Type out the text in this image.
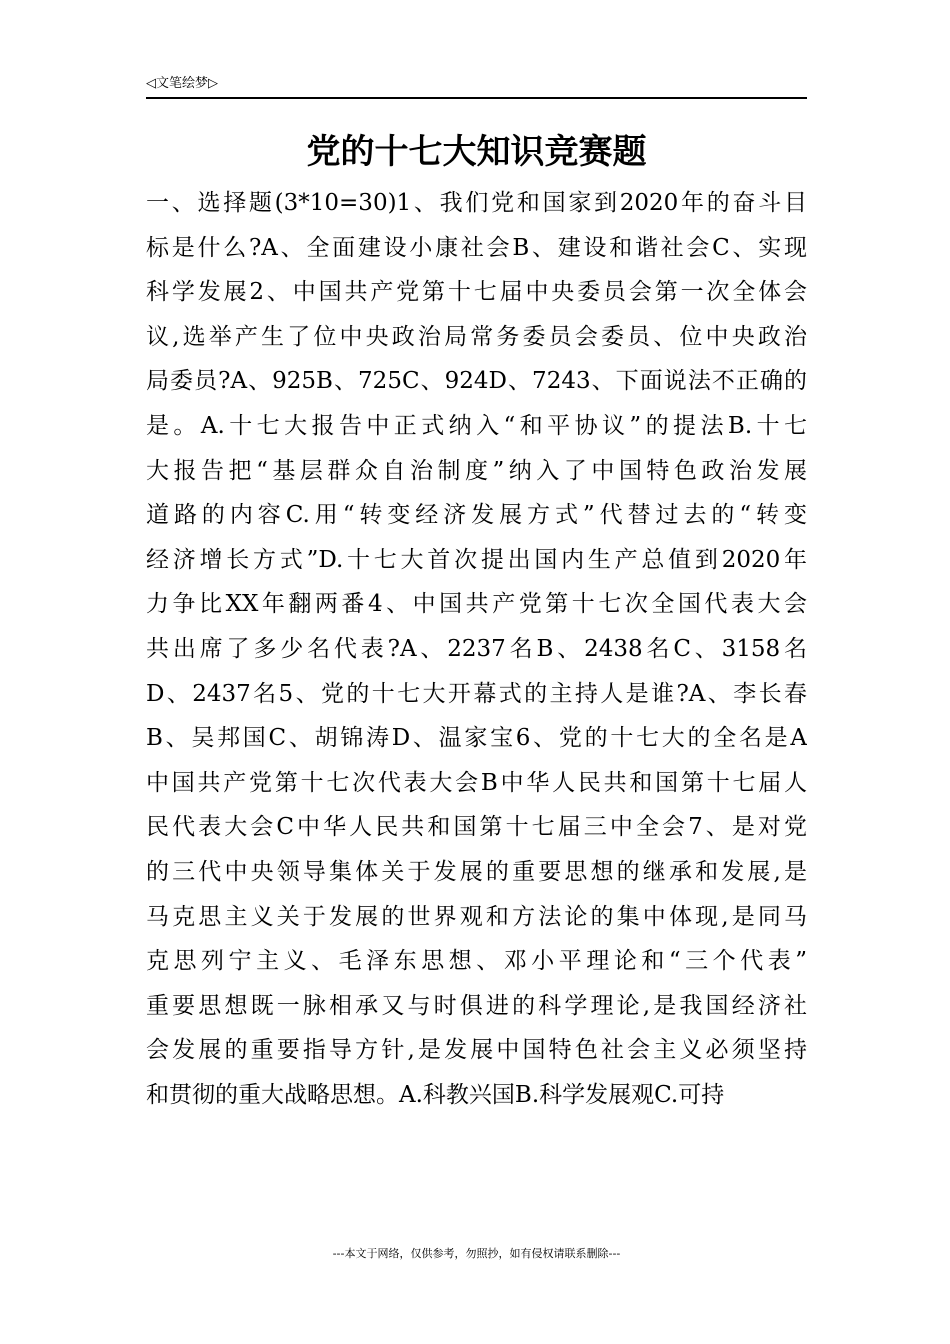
◁文笔绘梦▷
党的十七大知识竞赛题
一、选择题(3*10=30)1、我们党和国家到2020年的奋斗目
标是什么?A、全面建设小康社会B、建设和谐社会C、实现
科学发展2、中国共产党第十七届中央委员会第一次全体会
议,选举产生了位中央政治局常务委员会委员、位中央政治
局委员?A、925B、725C、924D、7243、下面说法不正确的
是。A.十七大报告中正式纳入“和平协议”的提法B.十七
大报告把“基层群众自治制度”纳入了中国特色政治发展
道路的内容C.用“转变经济发展方式”代替过去的“转变
经济增长方式”D.十七大首次提出国内生产总值到2020年
力争比XX年翻两番4、中国共产党第十七次全国代表大会
共出席了多少名代表?A、2237名B、2438名C、3158名
D、2437名5、党的十七大开幕式的主持人是谁?A、李长春
B、吴邦国C、胡锦涛D、温家宝6、党的十七大的全名是A
中国共产党第十七次代表大会B中华人民共和国第十七届人
民代表大会C中华人民共和国第十七届三中全会7、是对党
的三代中央领导集体关于发展的重要思想的继承和发展,是
马克思主义关于发展的世界观和方法论的集中体现,是同马
克思列宁主义、毛泽东思想、邓小平理论和“三个代表”
重要思想既一脉相承又与时俱进的科学理论,是我国经济社
会发展的重要指导方针,是发展中国特色社会主义必须坚持
和贯彻的重大战略思想。A.科教兴国B.科学发展观C.可持
---本文于网络，仅供参考，勿照抄，如有侵权请联系删除---
